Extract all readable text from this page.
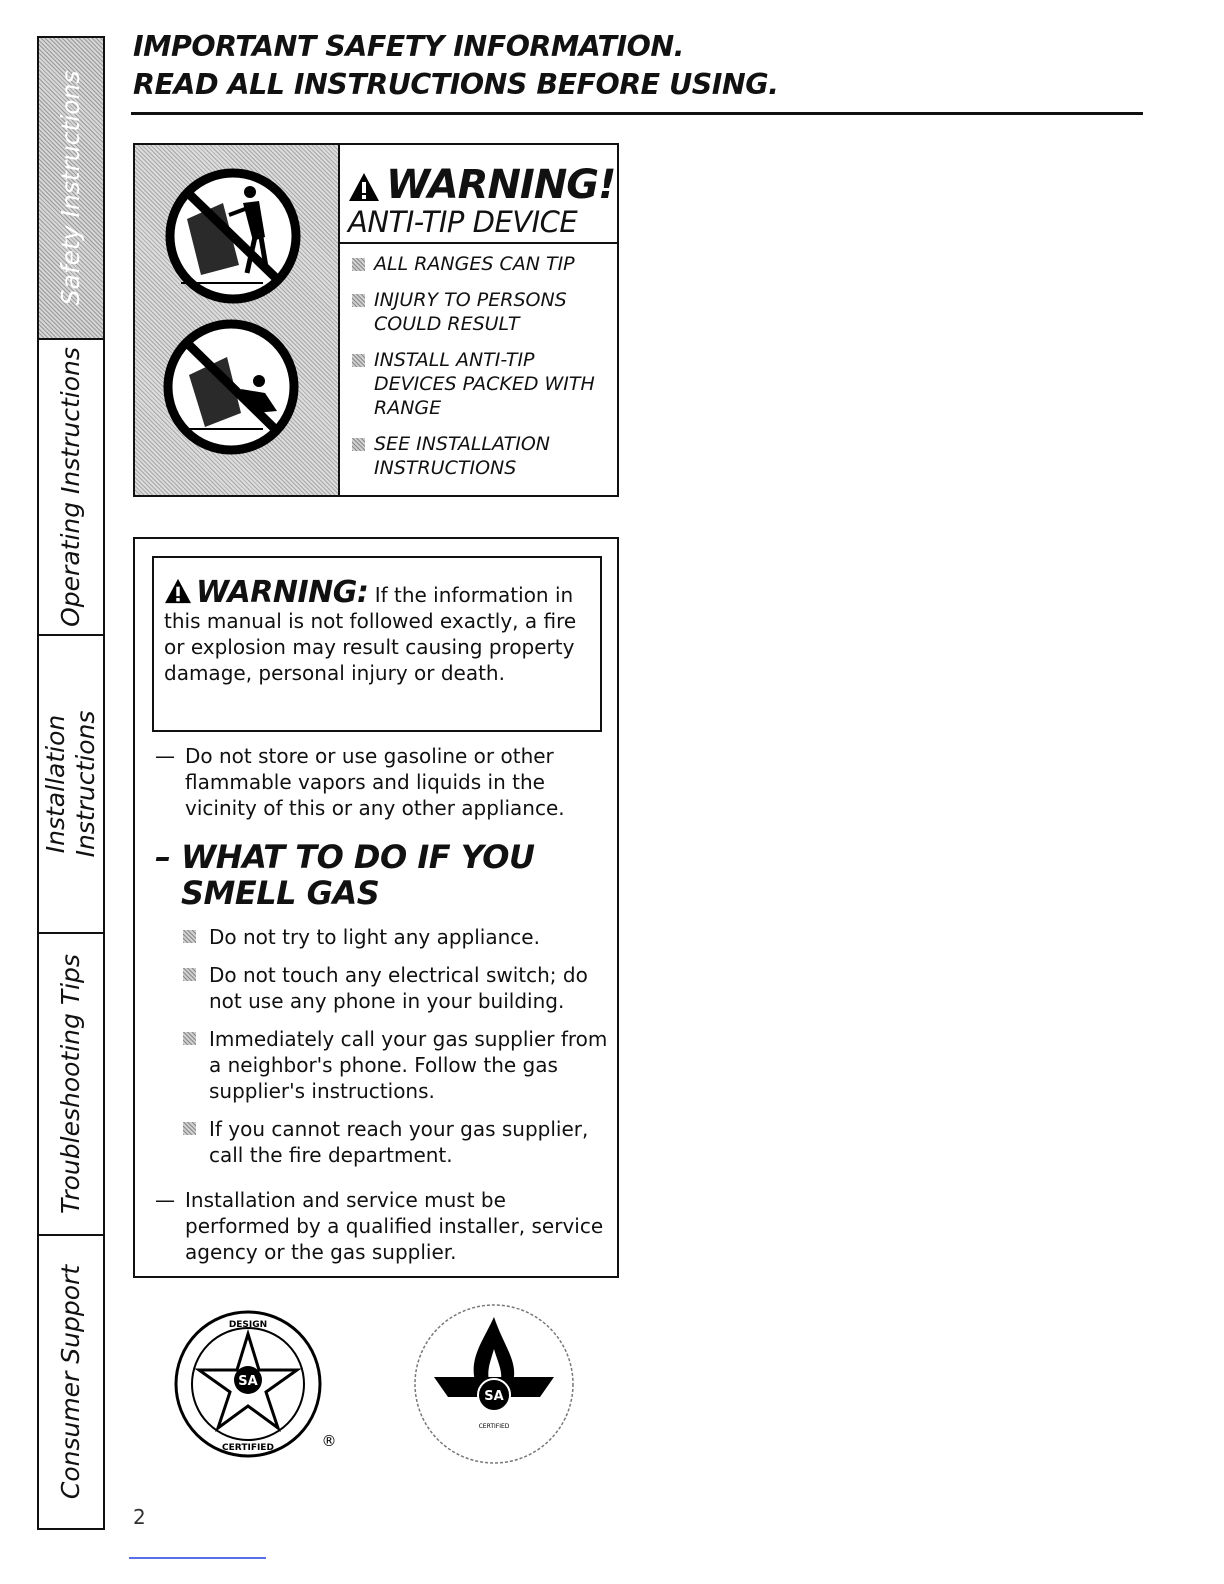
Safety Instructions
Operating Instructions
Installation Instructions
Troubleshooting Tips
Consumer Support
IMPORTANT SAFETY INFORMATION.
READ ALL INSTRUCTIONS BEFORE USING.
WARNING!
ANTI-TIP DEVICE
ALL RANGES CAN TIP
INJURY TO PERSONS COULD RESULT
INSTALL ANTI-TIP DEVICES PACKED WITH RANGE
SEE INSTALLATION INSTRUCTIONS

WARNING: If the information in this manual is not followed exactly, a fire or explosion may result causing property damage, personal injury or death.

— Do not store or use gasoline or other flammable vapors and liquids in the vicinity of this or any other appliance.
– WHAT TO DO IF YOU SMELL GAS
Do not try to light any appliance.
Do not touch any electrical switch; do not use any phone in your building.
Immediately call your gas supplier from a neighbor's phone. Follow the gas supplier's instructions.
If you cannot reach your gas supplier, call the fire department.
— Installation and service must be performed by a qualified installer, service agency or the gas supplier.
SA
DESIGN
CERTIFIED	®
SA
CERTIFIED
2
